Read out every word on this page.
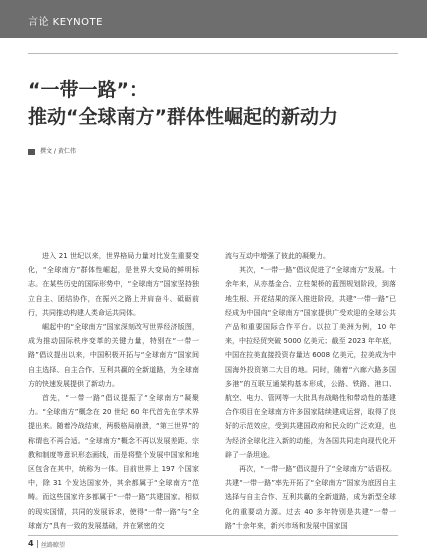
言论 KEYNOTE
“一带一路”：
推动“全球南方”群体性崛起的新动力
撰文 / 黄仁伟

进入 21 世纪以来，世界格局力量对比发生重要变化，“全球南方”群体性崛起，是世界大变局的鲜明标志。在某些历史的国际形势中，“全球南方”国家坚持独立自主、团结协作，在振兴之路上并肩奋斗、砥砺前行，共同推动构建人类命运共同体。

崛起中的“全球南方”国家深刻改写世界经济版图，成为推动国际秩序变革的关键力量，特别在“一带一路”倡议提出以来，中国积极开拓与“全球南方”国家间自主选择、自主合作、互利共赢的全新道路，为全球南方的快速发展提供了新动力。

首先，“一带一路”倡议提振了“全球南方”凝聚力。“全球南方”概念在 20 世纪 60 年代首先在学术界提出来。随着冷战结束，两极格局崩溃，“第三世界”的称谓也不再合适。“全球南方”概念不再以发展差距、宗教和制度等意识形态画线，而是将整个发展中国家和地区包含在其中，统称为一体。目前世界上 197 个国家中，除 31 个发达国家外，其余都属于“全球南方”范畴。而这些国家许多都属于“一带一路”共建国家。相似的现实国情，共同的发展诉求，使得“一带一路”与“全球南方”具有一致的发展基础，并在紧密的交

流与互动中增强了彼此的凝聚力。

其次，“一带一路”倡议促进了“全球南方”发展。十余年来，从亦基金合、立柱架桥的蓝图规划阶段，到落地生根、开花结果的深入推进阶段，共建“一带一路”已经成为中国向“全球南方”国家提供广受欢迎的全球公共产品和重要国际合作平台。以拉丁美洲为例，10 年来，中拉经贸突破 5000 亿美元；截至 2023 年年底，中国在拉美直接投资存量达 6008 亿美元，拉美成为中国海外投资第二大目的地。同时，随着“六廊六路多国多港”的互联互通架构基本形成，公路、铁路、港口、航空、电力、管网等一大批具有战略性和带动性的基建合作项目在全球南方许多国家陆续建成运营，取得了良好的示范效应，受到共建国政府和民众的广泛欢迎，也为经济全球化注入新的动能，为各国共同走向现代化开辟了一条坦途。

再次，“一带一路”倡议提升了“全球南方”话语权。共建“一带一路”率先开拓了“全球南方”国家为底因自主选择与自主合作、互利共赢的全新道路，成为新型全球化的重要动力源。过去 40 多年特别是共建“一带一路”十余年来，新兴市场和发展中国家国

4 丝路瞭望
